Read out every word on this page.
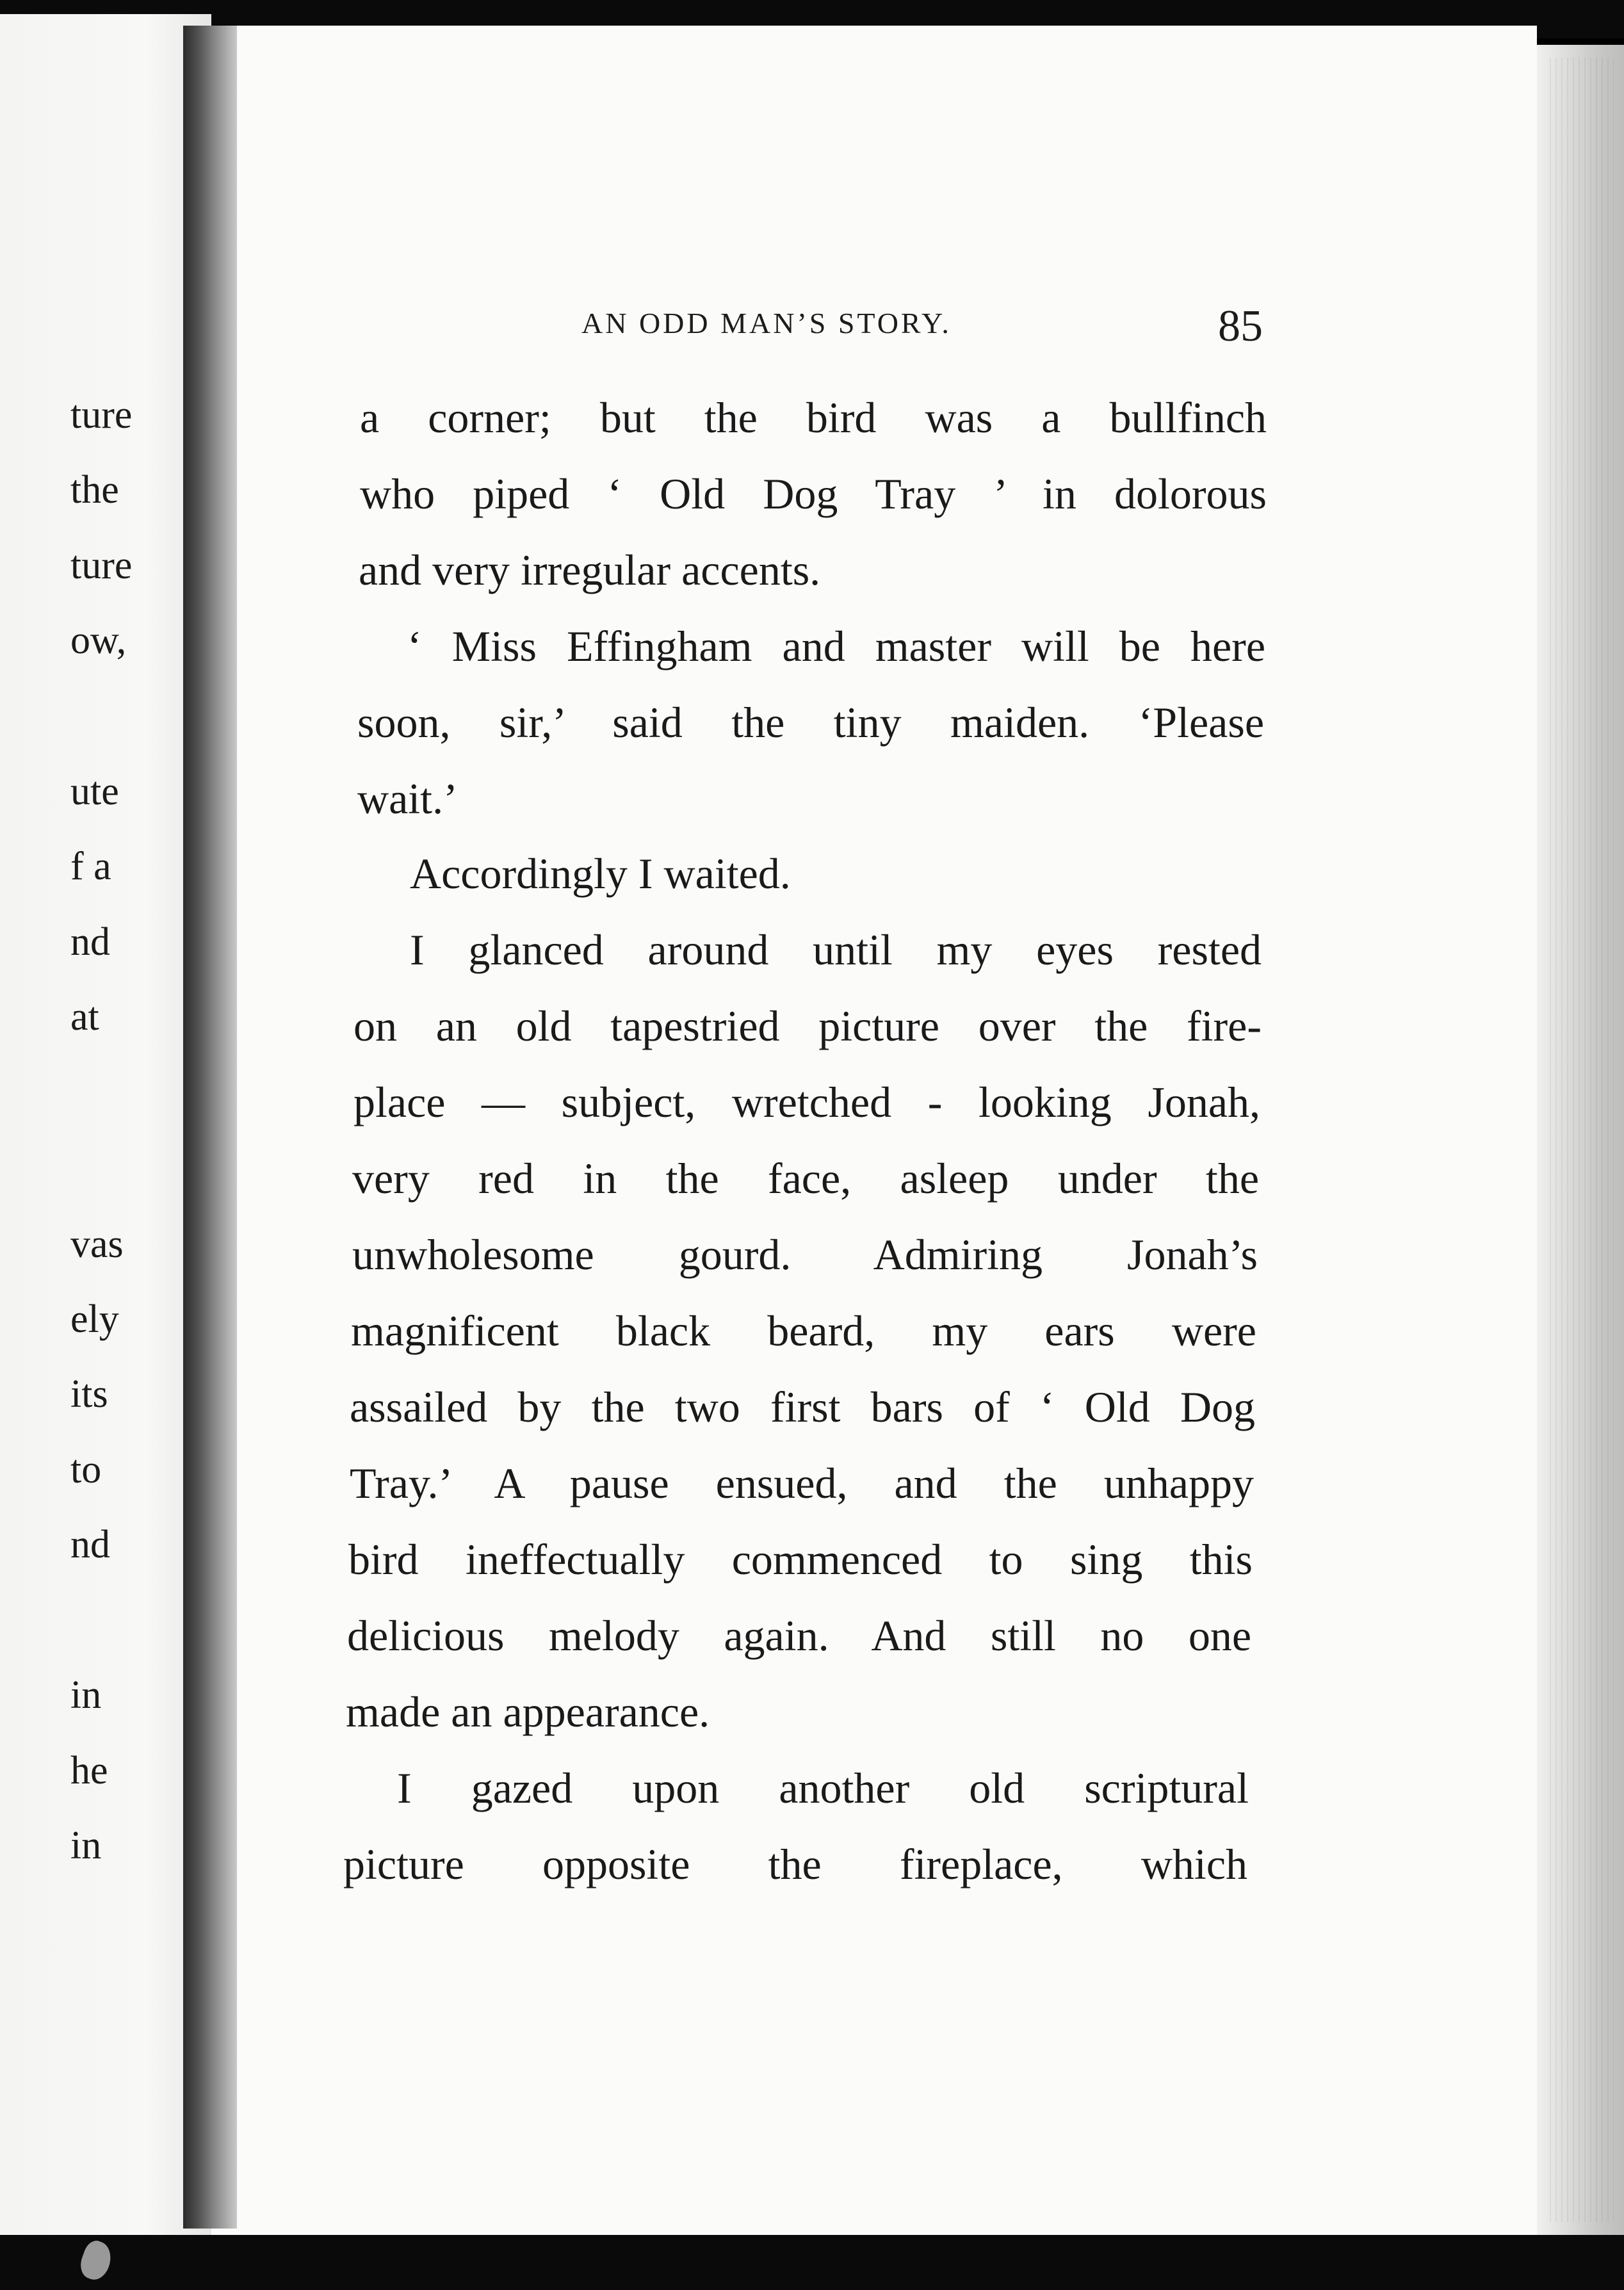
ture
the
ture
ow,
ute
f a
nd
at
vas
ely
its
to
nd
in
he
in
AN ODD MAN’S STORY.	85
a corner; but the bird was a bullfinch
who piped ‘ Old Dog Tray ’ in dolorous
and very irregular accents.
‘ Miss Effingham and master will be here
soon, sir,’ said the tiny maiden. ‘Please
wait.’
Accordingly I waited.
I glanced around until my eyes rested
on an old tapestried picture over the fire-
place — subject, wretched - looking Jonah,
very red in the face, asleep under the
unwholesome gourd. Admiring Jonah’s
magnificent black beard, my ears were
assailed by the two first bars of ‘ Old Dog
Tray.’ A pause ensued, and the unhappy
bird ineffectually commenced to sing this
delicious melody again. And still no one
made an appearance.
I gazed upon another old scriptural
picture opposite the fireplace, which
